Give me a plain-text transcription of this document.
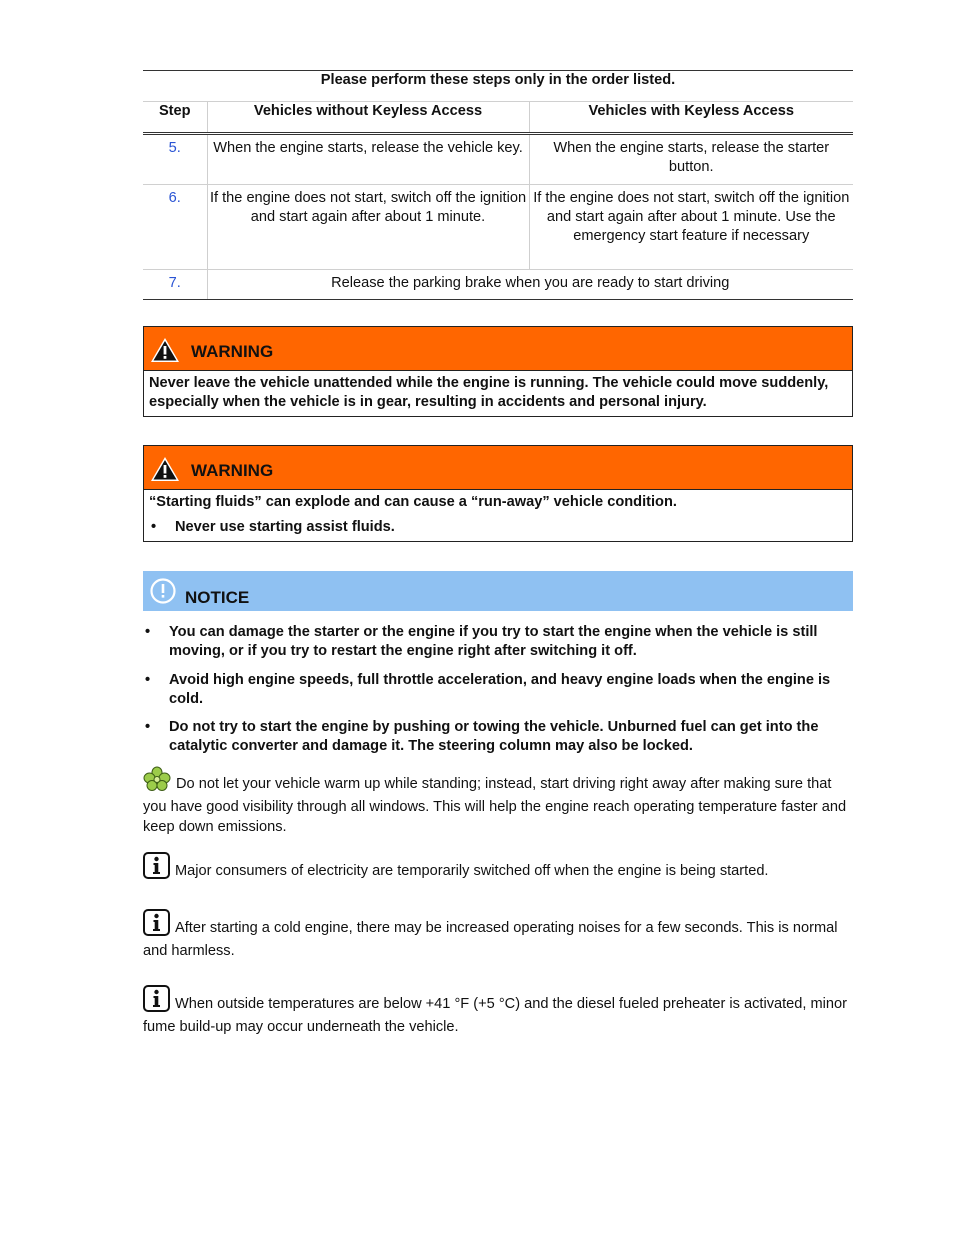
Please perform these steps only in the order listed.		
Step	Vehicles without Keyless Access	Vehicles with Keyless Access
5.	When the engine starts, release the vehicle key.	When the engine starts, release the starter button.
6.	If the engine does not start, switch off the ignition and start again after about 1 minute.	If the engine does not start, switch off the ignition and start again after about 1 minute. Use the emergency start feature if necessary
7.	Release the parking brake when you are ready to start driving	
WARNING

Never leave the vehicle unattended while the engine is running. The vehicle could move suddenly, especially when the vehicle is in gear, resulting in accidents and personal injury.

WARNING

“Starting fluids” can explode and can cause a “run-away” vehicle condition.

•	Never use starting assist fluids.
NOTICE
•	You can damage the starter or the engine if you try to start the engine when the vehicle is still moving, or if you try to restart the engine right after switching it off.
•	Avoid high engine speeds, full throttle acceleration, and heavy engine loads when the engine is cold.
•	Do not try to start the engine by pushing or towing the vehicle. Unburned fuel can get into the catalytic converter and damage it. The steering column may also be locked.

Do not let your vehicle warm up while standing; instead, start driving right away after making sure that you have good visibility through all windows. This will help the engine reach operating temperature faster and keep down emissions.

Major consumers of electricity are temporarily switched off when the engine is being started.

After starting a cold engine, there may be increased operating noises for a few seconds. This is normal and harmless.

When outside temperatures are below +41 °F (+5 °C) and the diesel fueled preheater is activated, minor fume build-up may occur underneath the vehicle.
